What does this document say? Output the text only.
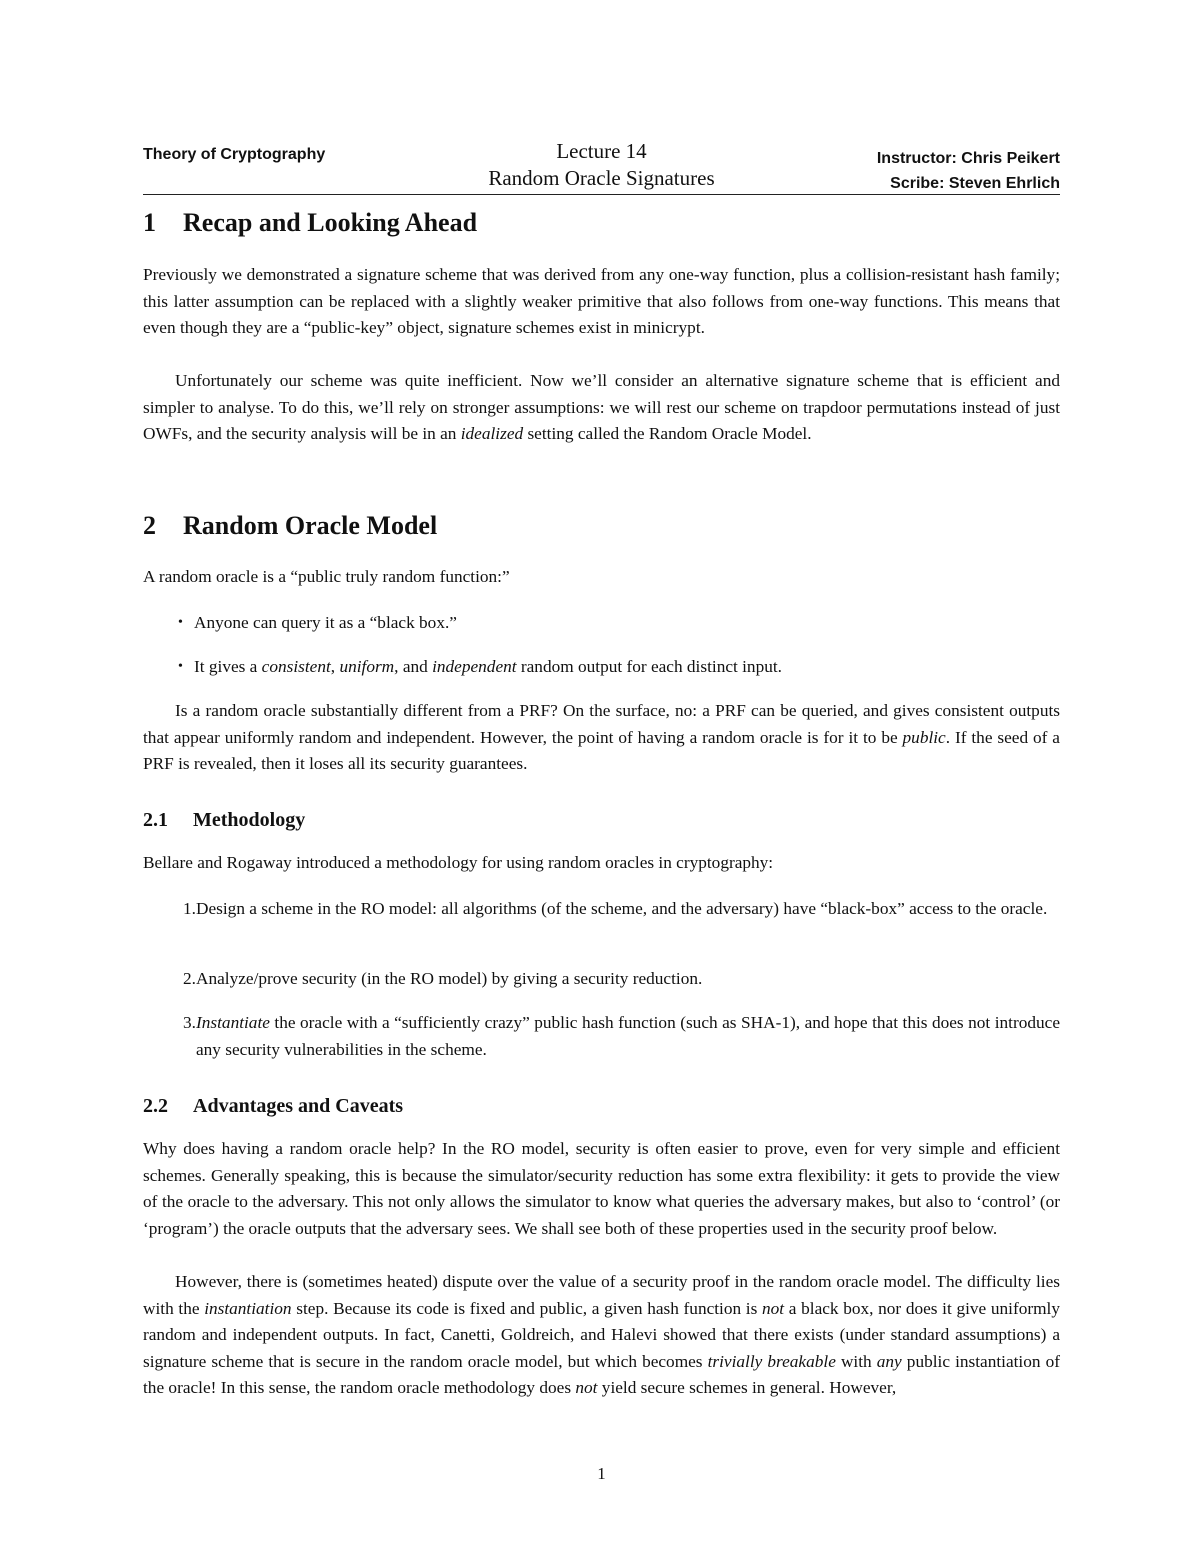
Theory of Cryptography	Lecture 14
Random Oracle Signatures
Instructor: Chris Peikert
Scribe: Steven Ehrlich
1 Recap and Looking Ahead

Previously we demonstrated a signature scheme that was derived from any one-way function, plus a collision-resistant hash family; this latter assumption can be replaced with a slightly weaker primitive that also follows from one-way functions. This means that even though they are a “public-key” object, signature schemes exist in minicrypt.

Unfortunately our scheme was quite inefficient. Now we’ll consider an alternative signature scheme that is efficient and simpler to analyse. To do this, we’ll rely on stronger assumptions: we will rest our scheme on trapdoor permutations instead of just OWFs, and the security analysis will be in an idealized setting called the Random Oracle Model.

2 Random Oracle Model

A random oracle is a “public truly random function:”

• Anyone can query it as a “black box.”
• It gives a consistent, uniform, and independent random output for each distinct input.

Is a random oracle substantially different from a PRF? On the surface, no: a PRF can be queried, and gives consistent outputs that appear uniformly random and independent. However, the point of having a random oracle is for it to be public. If the seed of a PRF is revealed, then it loses all its security guarantees.

2.1 Methodology

Bellare and Rogaway introduced a methodology for using random oracles in cryptography:

1. Design a scheme in the RO model: all algorithms (of the scheme, and the adversary) have “black-box” access to the oracle.
2. Analyze/prove security (in the RO model) by giving a security reduction.
3. Instantiate the oracle with a “sufficiently crazy” public hash function (such as SHA-1), and hope that this does not introduce any security vulnerabilities in the scheme.
2.2 Advantages and Caveats

Why does having a random oracle help? In the RO model, security is often easier to prove, even for very simple and efficient schemes. Generally speaking, this is because the simulator/security reduction has some extra flexibility: it gets to provide the view of the oracle to the adversary. This not only allows the simulator to know what queries the adversary makes, but also to ‘control’ (or ‘program’) the oracle outputs that the adversary sees. We shall see both of these properties used in the security proof below.

However, there is (sometimes heated) dispute over the value of a security proof in the random oracle model. The difficulty lies with the instantiation step. Because its code is fixed and public, a given hash function is not a black box, nor does it give uniformly random and independent outputs. In fact, Canetti, Goldreich, and Halevi showed that there exists (under standard assumptions) a signature scheme that is secure in the random oracle model, but which becomes trivially breakable with any public instantiation of the oracle! In this sense, the random oracle methodology does not yield secure schemes in general. However,

1
